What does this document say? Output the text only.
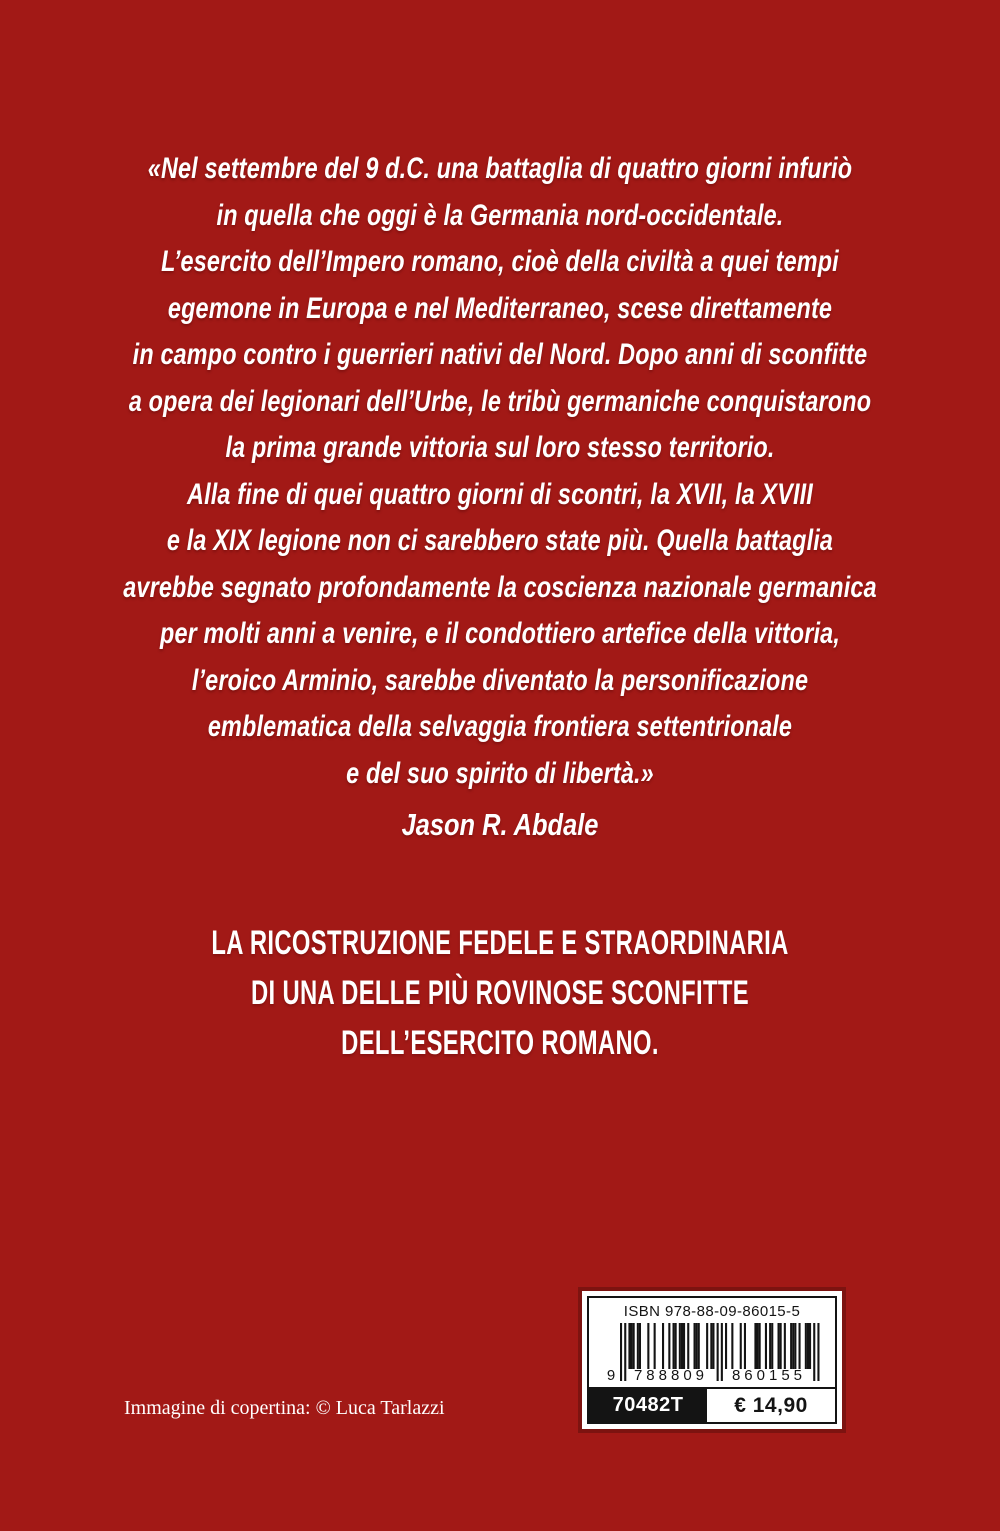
«Nel settembre del 9 d.C. una battaglia di quattro giorni infuriò
in quella che oggi è la Germania nord-occidentale.
L’esercito dell’Impero romano, cioè della civiltà a quei tempi
egemone in Europa e nel Mediterraneo, scese direttamente
in campo contro i guerrieri nativi del Nord. Dopo anni di sconfitte
a opera dei legionari dell’Urbe, le tribù germaniche conquistarono
la prima grande vittoria sul loro stesso territorio.
Alla fine di quei quattro giorni di scontri, la XVII, la XVIII
e la XIX legione non ci sarebbero state più. Quella battaglia
avrebbe segnato profondamente la coscienza nazionale germanica
per molti anni a venire, e il condottiero artefice della vittoria,
l’eroico Arminio, sarebbe diventato la personificazione
emblematica della selvaggia frontiera settentrionale
e del suo spirito di libertà.»
Jason R. Abdale
LA RICOSTRUZIONE FEDELE E STRAORDINARIA
DI UNA DELLE PIÙ ROVINOSE SCONFITTE
DELL’ESERCITO ROMANO.
ISBN 978-88-09-86015-5
9	788809	860155
70482T	€ 14,90
Immagine di copertina: © Luca Tarlazzi
